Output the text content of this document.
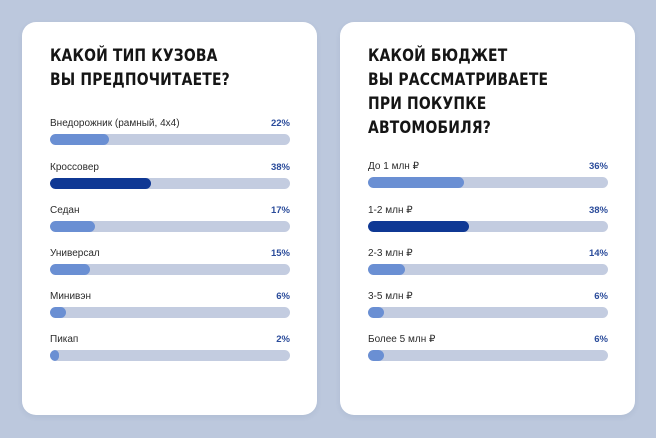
КАКОЙ ТИП КУЗОВА
ВЫ ПРЕДПОЧИТАЕТЕ?
Внедорожник (рамный, 4х4)	22%
Кроссовер	38%
Седан	17%
Универсал	15%
Минивэн	6%
Пикап	2%
КАКОЙ БЮДЖЕТ
ВЫ РАССМАТРИВАЕТЕ
ПРИ ПОКУПКЕ АВТОМОБИЛЯ?
До 1 млн ₽	36%
1-2 млн ₽	38%
2-3 млн ₽	14%
3-5 млн ₽	6%
Более 5 млн ₽	6%
